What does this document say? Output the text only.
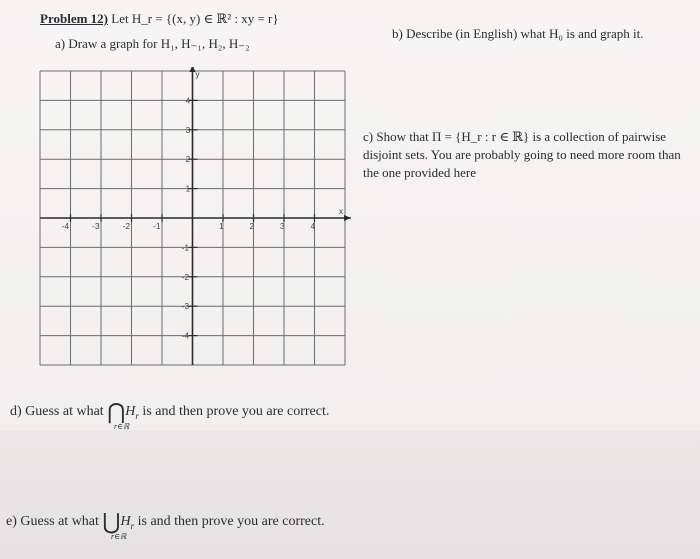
Problem 12) Let H_r = {(x, y) ∈ ℝ² : xy = r}
a) Draw a graph for H₁, H₋₁, H₂, H₋₂
b) Describe (in English) what H₀ is and graph it.
c) Show that Π = {H_r : r ∈ ℝ} is a collection of pairwise disjoint sets. You are probably going to need more room than the one provided here
x
y
-4	-3	-2	-1	1	2	3	4
4
3
2
1
-1
-2
-3
-4
d) Guess at what $⋂H_r$ is and then prove you are correct.
r∈ℝ
e) Guess at what $⋃H_r$ is and then prove you are correct.
r∈ℝ
